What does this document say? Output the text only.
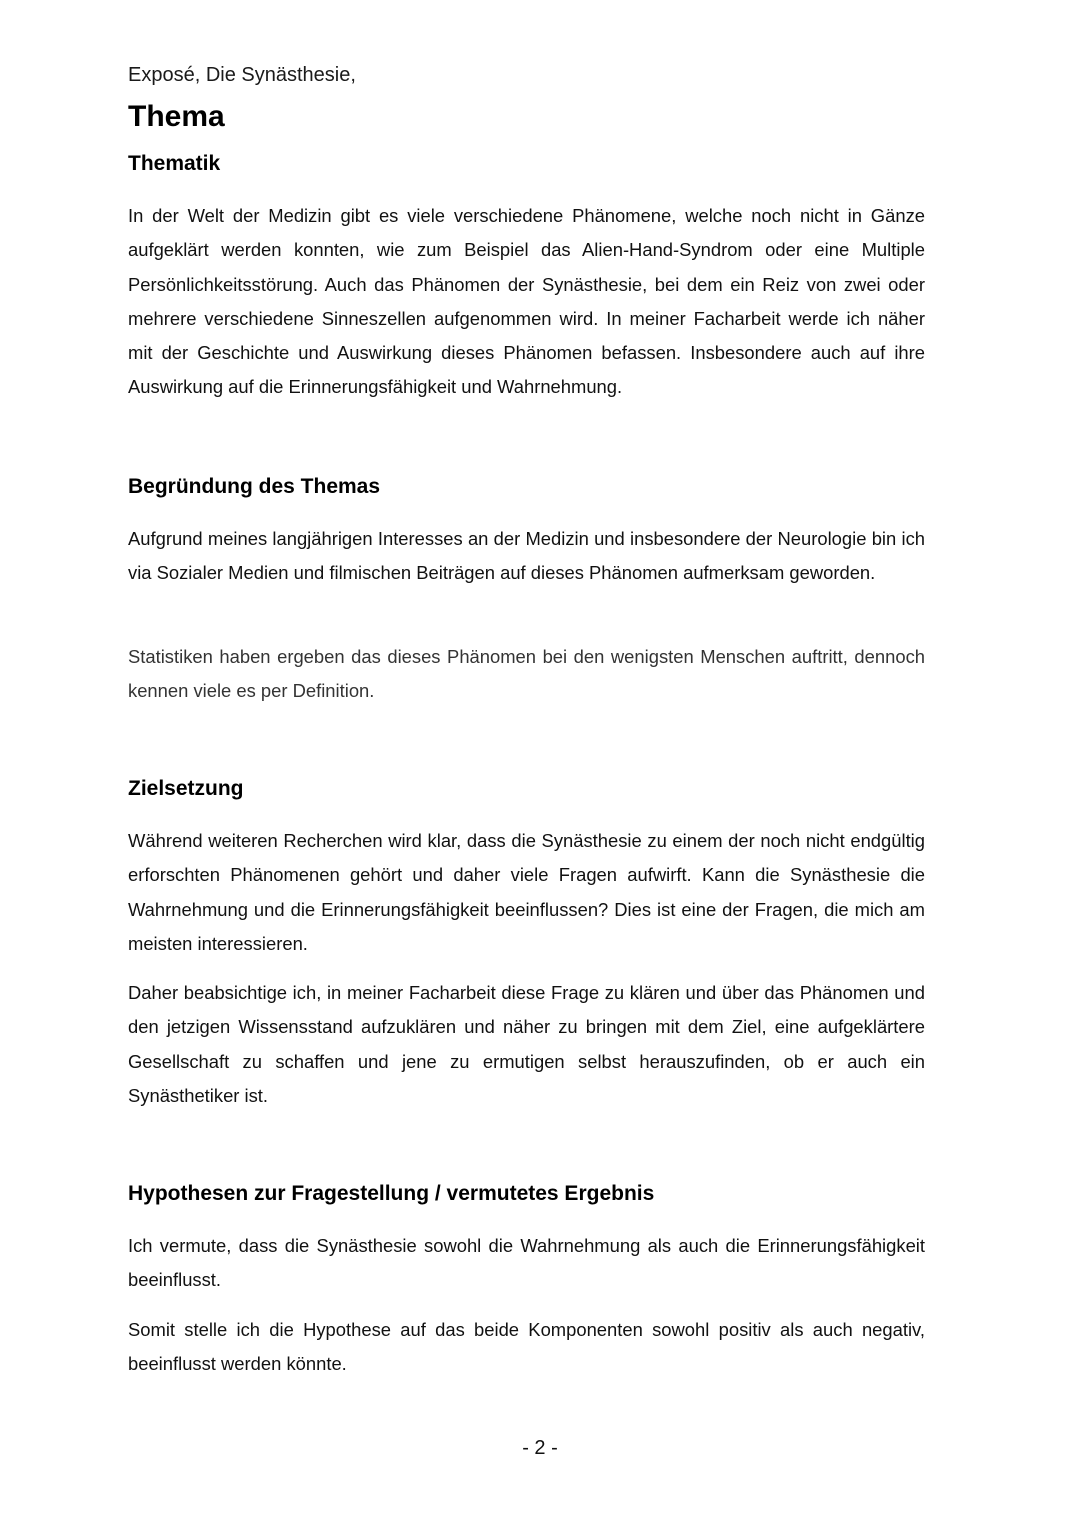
Exposé, Die Synästhesie,
Thema
Thematik

In der Welt der Medizin gibt es viele verschiedene Phänomene, welche noch nicht in Gänze aufgeklärt werden konnten, wie zum Beispiel das Alien-Hand-Syndrom oder eine Multiple Persönlichkeitsstörung. Auch das Phänomen der Synästhesie, bei dem ein Reiz von zwei oder mehrere verschiedene Sinneszellen aufgenommen wird. In meiner Facharbeit werde ich näher mit der Geschichte und Auswirkung dieses Phänomen befassen. Insbesondere auch auf ihre Auswirkung auf die Erinnerungsfähigkeit und Wahrnehmung.

Begründung des Themas

Aufgrund meines langjährigen Interesses an der Medizin und insbesondere der Neurologie bin ich via Sozialer Medien und filmischen Beiträgen auf dieses Phänomen aufmerksam geworden.

Statistiken haben ergeben das dieses Phänomen bei den wenigsten Menschen auftritt, dennoch kennen viele es per Definition.

Zielsetzung

Während weiteren Recherchen wird klar, dass die Synästhesie zu einem der noch nicht endgültig erforschten Phänomenen gehört und daher viele Fragen aufwirft. Kann die Synästhesie die Wahrnehmung und die Erinnerungsfähigkeit beeinflussen? Dies ist eine der Fragen, die mich am meisten interessieren.

Daher beabsichtige ich, in meiner Facharbeit diese Frage zu klären und über das Phänomen und den jetzigen Wissensstand aufzuklären und näher zu bringen mit dem Ziel, eine aufgeklärtere Gesellschaft zu schaffen und jene zu ermutigen selbst herauszufinden, ob er auch ein Synästhetiker ist.

Hypothesen zur Fragestellung / vermutetes Ergebnis

Ich vermute, dass die Synästhesie sowohl die Wahrnehmung als auch die Erinnerungsfähigkeit beeinflusst.

Somit stelle ich die Hypothese auf das beide Komponenten sowohl positiv als auch negativ, beeinflusst werden könnte.

- 2 -
